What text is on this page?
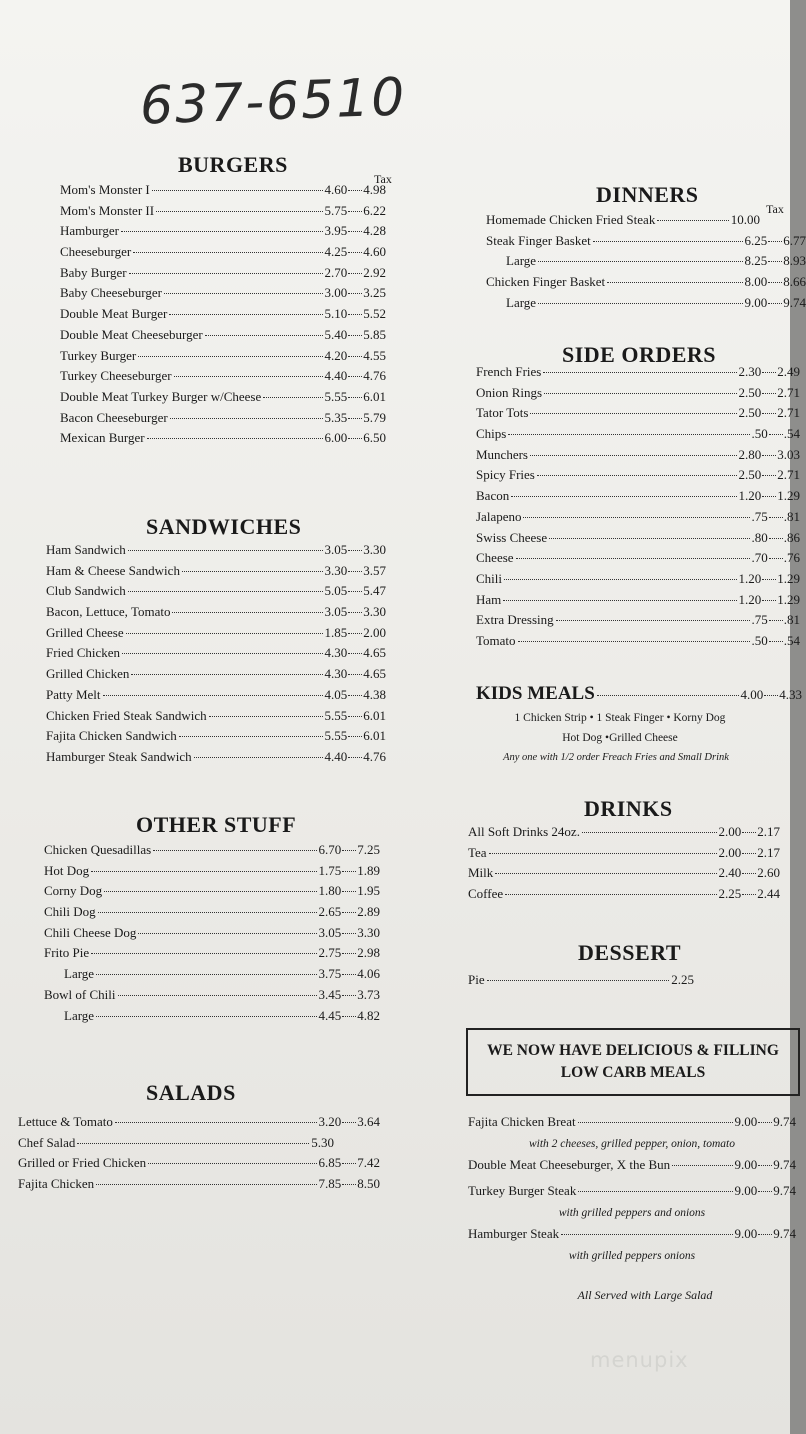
637-6510
BURGERS
Tax
Mom's Monster I	4.60 4.98
Mom's Monster II	5.75 6.22
Hamburger	3.95 4.28
Cheeseburger	4.25 4.60
Baby Burger	2.70 2.92
Baby Cheeseburger	3.00 3.25
Double Meat Burger	5.10 5.52
Double Meat Cheeseburger	5.40 5.85
Turkey Burger	4.20 4.55
Turkey Cheeseburger	4.40 4.76
Double Meat Turkey Burger w/Cheese	5.55 6.01
Bacon Cheeseburger	5.35 5.79
Mexican Burger	6.00 6.50
SANDWICHES
Ham Sandwich	3.05 3.30
Ham & Cheese Sandwich	3.30 3.57
Club Sandwich	5.05 5.47
Bacon, Lettuce, Tomato	3.05 3.30
Grilled Cheese	1.85 2.00
Fried Chicken	4.30 4.65
Grilled Chicken	4.30 4.65
Patty Melt	4.05 4.38
Chicken Fried Steak Sandwich	5.55 6.01
Fajita Chicken Sandwich	5.55 6.01
Hamburger Steak Sandwich	4.40 4.76
OTHER STUFF
Chicken Quesadillas	6.70 7.25
Hot Dog	1.75 1.89
Corny Dog	1.80 1.95
Chili Dog	2.65 2.89
Chili Cheese Dog	3.05 3.30
Frito Pie	2.75 2.98
Large	3.75 4.06
Bowl of Chili	3.45 3.73
Large	4.45 4.82
SALADS
Lettuce & Tomato	3.20 3.64
Chef Salad	5.30
Grilled or Fried Chicken	6.85 7.42
Fajita Chicken	7.85 8.50
DINNERS
Tax
Homemade Chicken Fried Steak	10.00
Steak Finger Basket	6.25 6.77
Large	8.25 8.93
Chicken Finger Basket	8.00 8.66
Large	9.00 9.74
SIDE ORDERS
French Fries	2.30 2.49
Onion Rings	2.50 2.71
Tator Tots	2.50 2.71
Chips	.50 .54
Munchers	2.80 3.03
Spicy Fries	2.50 2.71
Bacon	1.20 1.29
Jalapeno	.75 .81
Swiss Cheese	.80 .86
Cheese	.70 .76
Chili	1.20 1.29
Ham	1.20 1.29
Extra Dressing	.75 .81
Tomato	.50 .54
KIDS MEALS	4.00 4.33
1 Chicken Strip • 1 Steak Finger • Korny Dog
Hot Dog •Grilled Cheese
Any one with 1/2 order Freach Fries and Small Drink
DRINKS
All Soft Drinks 24oz.	2.00 2.17
Tea	2.00 2.17
Milk	2.40 2.60
Coffee	2.25 2.44
DESSERT
Pie	2.25
WE NOW HAVE DELICIOUS & FILLING
LOW CARB MEALS
Fajita Chicken Breat	9.00 9.74
with 2 cheeses, grilled pepper, onion, tomato
Double Meat Cheeseburger, X the Bun	9.00 9.74
Turkey Burger Steak	9.00 9.74
with grilled peppers and onions
Hamburger Steak	9.00 9.74
with grilled peppers onions
All Served with Large Salad
menupix
